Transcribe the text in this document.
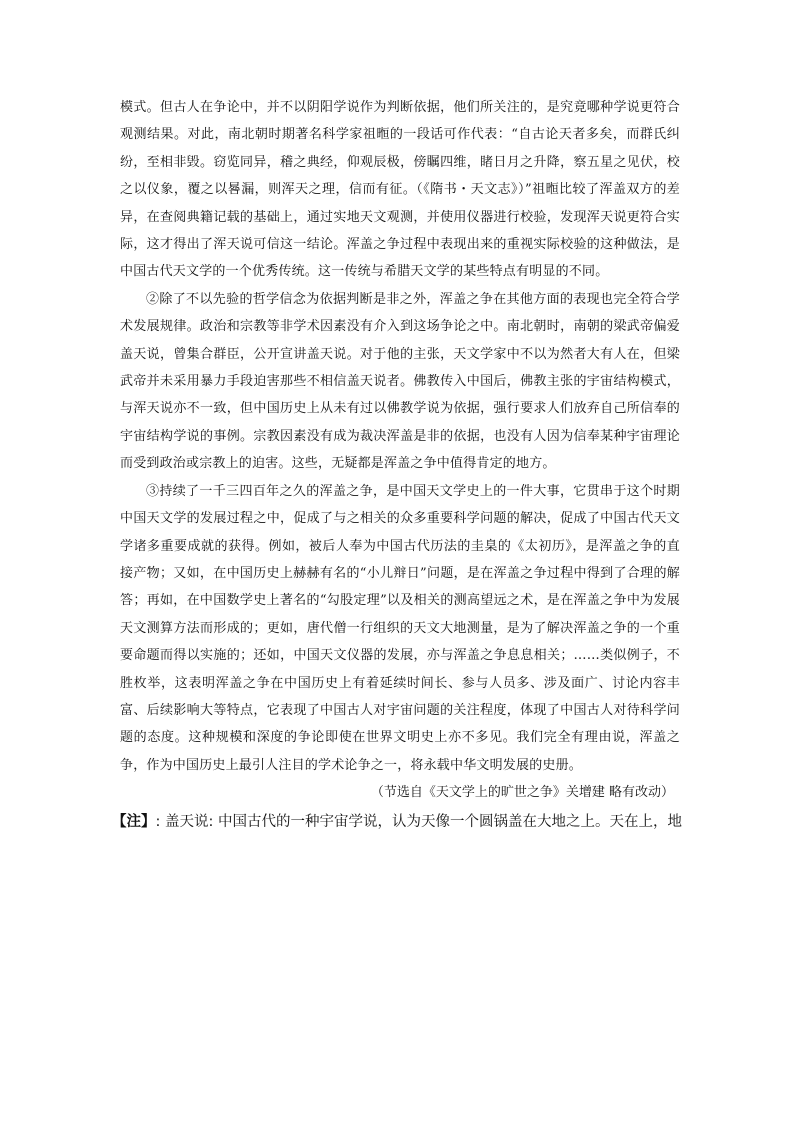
模式。但古人在争论中，并不以阴阳学说作为判断依据，他们所关注的，是究竟哪种学说更符合观测结果。对此，南北朝时期著名科学家祖暅的一段话可作代表：“自古论天者多矣，而群氏纠纷，至相非毁。窃览同异，稽之典经，仰观辰极，傍瞩四维，睹日月之升降，察五星之见伏，校之以仪象，覆之以晷漏，则浑天之理，信而有征。（《隋书・天文志》）”祖暅比较了浑盖双方的差异，在查阅典籍记载的基础上，通过实地天文观测，并使用仪器进行校验，发现浑天说更符合实际，这才得出了浑天说可信这一结论。浑盖之争过程中表现出来的重视实际校验的这种做法，是中国古代天文学的一个优秀传统。这一传统与希腊天文学的某些特点有明显的不同。

②除了不以先验的哲学信念为依据判断是非之外，浑盖之争在其他方面的表现也完全符合学术发展规律。政治和宗教等非学术因素没有介入到这场争论之中。南北朝时，南朝的梁武帝偏爱盖天说，曾集合群臣，公开宣讲盖天说。对于他的主张，天文学家中不以为然者大有人在，但梁武帝并未采用暴力手段迫害那些不相信盖天说者。佛教传入中国后，佛教主张的宇宙结构模式，与浑天说亦不一致，但中国历史上从未有过以佛教学说为依据，强行要求人们放弃自己所信奉的宇宙结构学说的事例。宗教因素没有成为裁决浑盖是非的依据，也没有人因为信奉某种宇宙理论而受到政治或宗教上的迫害。这些，无疑都是浑盖之争中值得肯定的地方。

③持续了一千三四百年之久的浑盖之争，是中国天文学史上的一件大事，它贯串于这个时期中国天文学的发展过程之中，促成了与之相关的众多重要科学问题的解决，促成了中国古代天文学诸多重要成就的获得。例如，被后人奉为中国古代历法的圭臬的《太初历》，是浑盖之争的直接产物；又如，在中国历史上赫赫有名的“小儿辩日”问题，是在浑盖之争过程中得到了合理的解答；再如，在中国数学史上著名的“勾股定理”以及相关的测高望远之术，是在浑盖之争中为发展天文测算方法而形成的；更如，唐代僧一行组织的天文大地测量，是为了解决浑盖之争的一个重要命题而得以实施的；还如，中国天文仪器的发展，亦与浑盖之争息息相关；……类似例子，不胜枚举，这表明浑盖之争在中国历史上有着延续时间长、参与人员多、涉及面广、讨论内容丰富、后续影响大等特点，它表现了中国古人对宇宙问题的关注程度，体现了中国古人对待科学问题的态度。这种规模和深度的争论即使在世界文明史上亦不多见。我们完全有理由说，浑盖之争，作为中国历史上最引人注目的学术论争之一，将永载中华文明发展的史册。

（节选自《天文学上的旷世之争》关增建 略有改动）

【注】: 盖天说: 中国古代的一种宇宙学说，认为天像一个圆锅盖在大地之上。天在上，地
